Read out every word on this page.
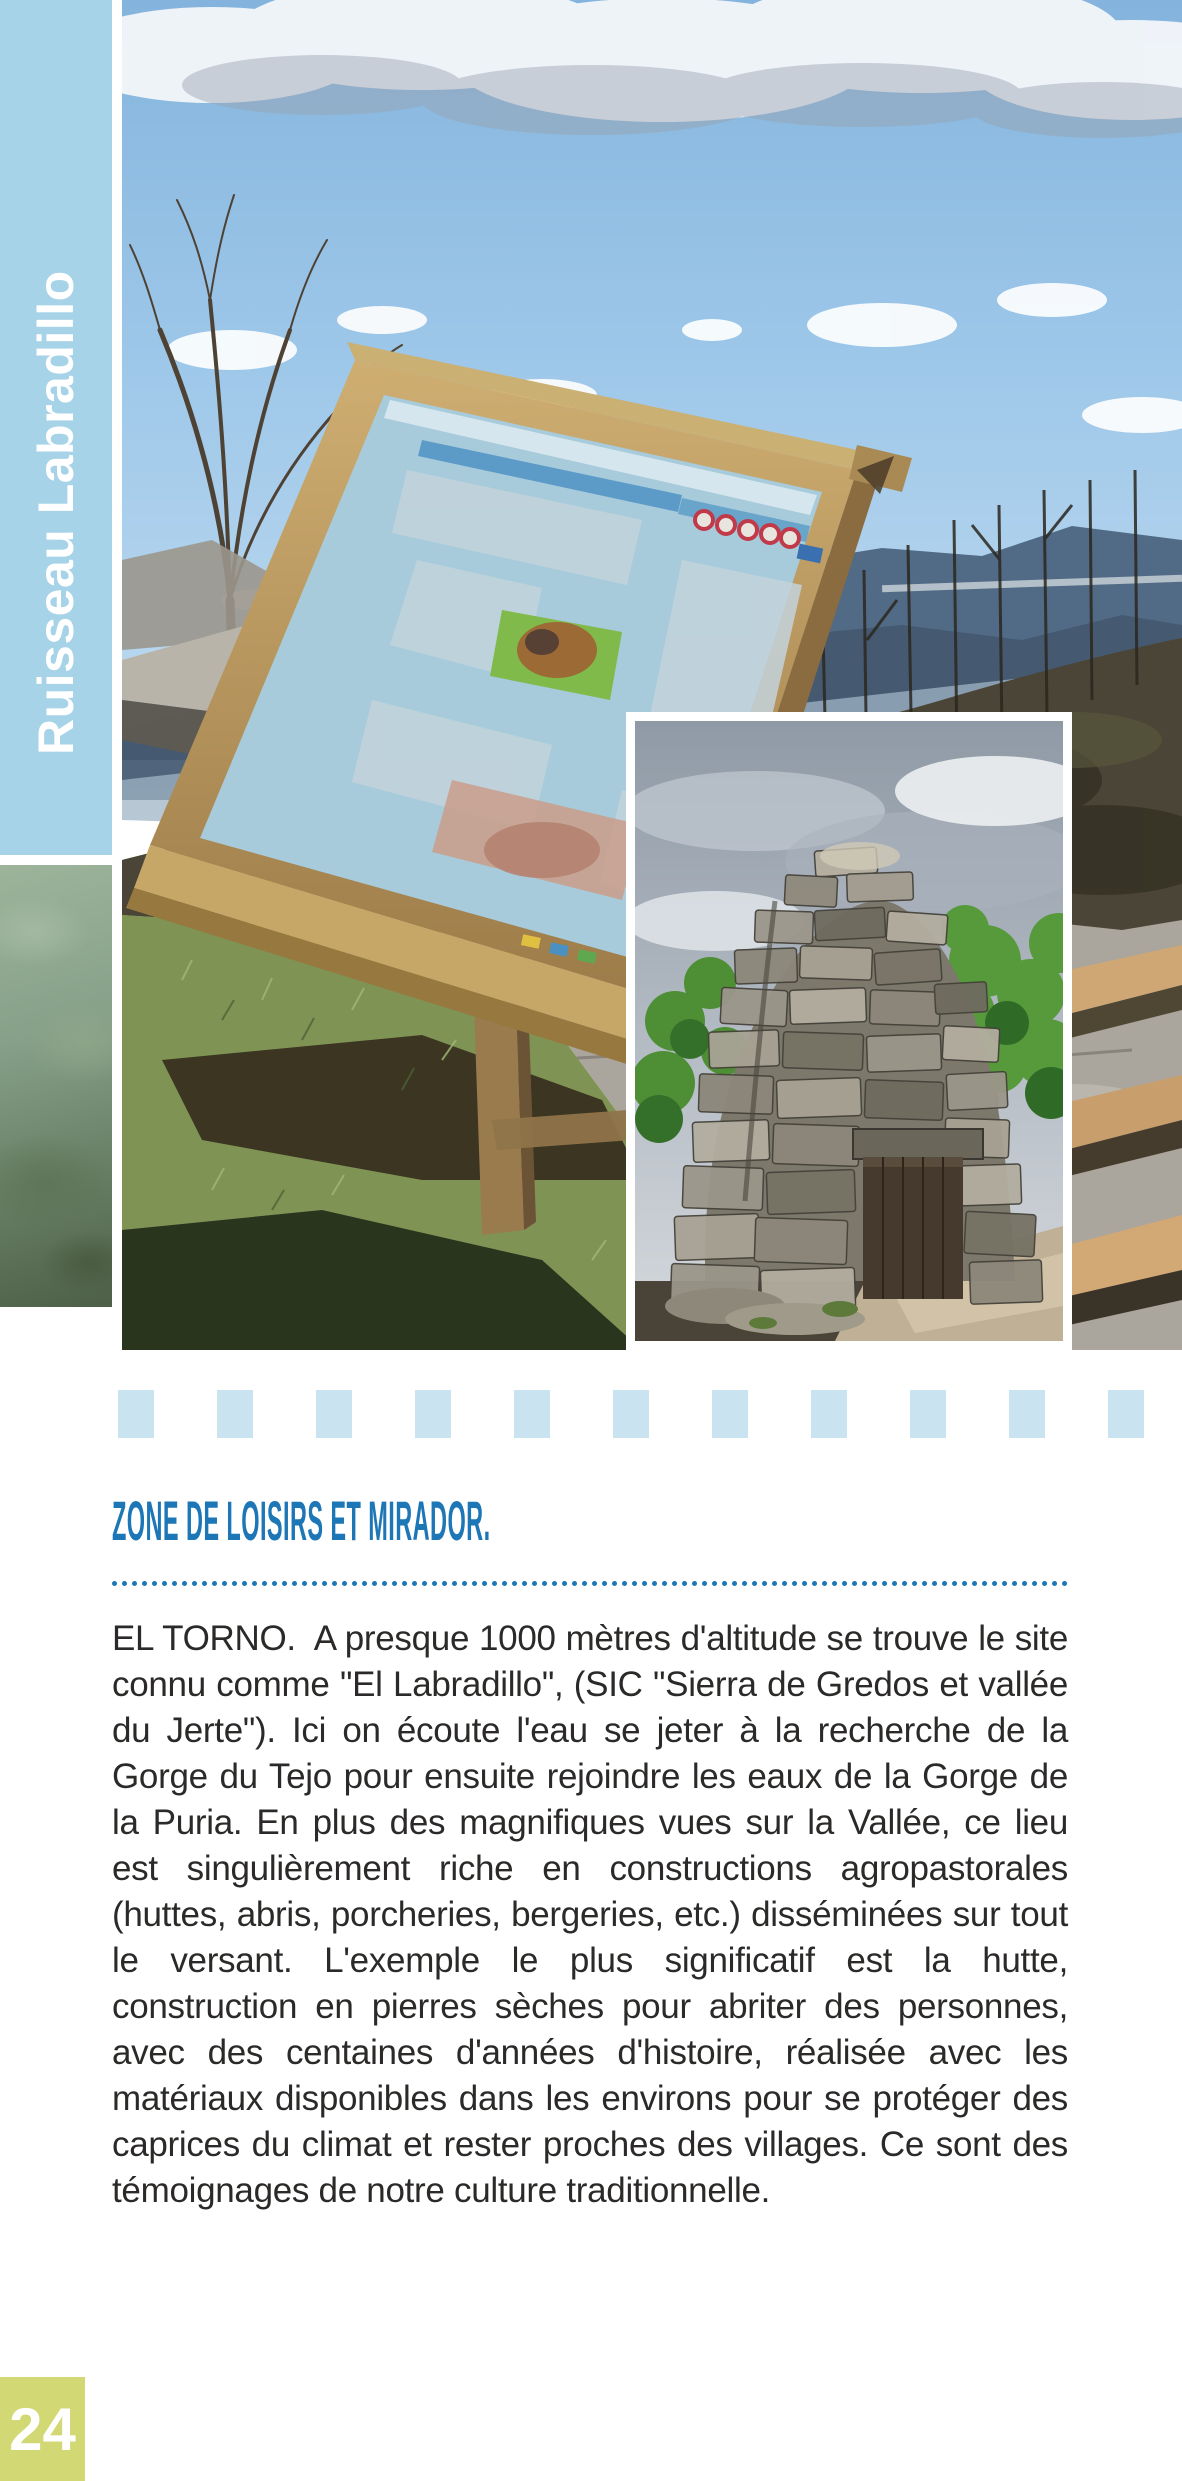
Ruisseau Labradillo
ZONE DE LOISIRS ET MIRADOR.
EL TORNO.  A presque 1000 mètres d'altitude se trouve le site connu comme "El Labradillo", (SIC "Sierra de Gredos et vallée du Jerte"). Ici on écoute l'eau se jeter à la recherche de la Gorge du Tejo pour ensuite rejoindre les eaux de la Gorge de la Puria. En plus des magnifiques vues sur la Vallée, ce lieu est singulièrement riche en constructions agropastorales (huttes, abris, porcheries, bergeries, etc.) disséminées sur tout le versant. L'exemple le plus significatif est la hutte, construction en pierres sèches pour abriter des personnes, avec des centaines d'années d'histoire, réalisée avec les matériaux disponibles dans les environs pour se protéger des caprices du climat et rester proches des villages. Ce sont des témoignages de notre culture traditionnelle.
24
